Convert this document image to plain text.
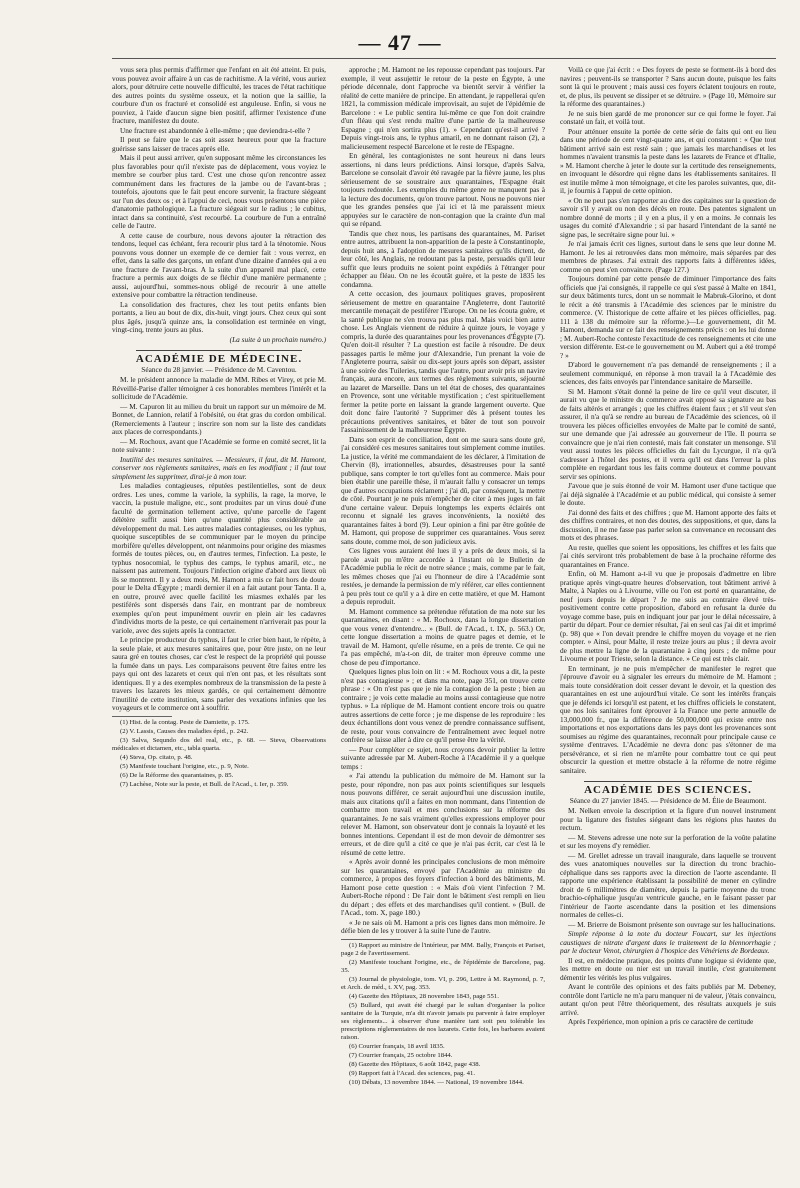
— 47 —

vous sera plus permis d'affirmer que l'enfant en ait été atteint. Et puis, vous pouvez avoir affaire à un cas de rachitisme. A la vérité, vous auriez alors, pour détruire cette nouvelle difficulté, les traces de l'état rachitique des autres points du système osseux, et la notion que la saillie, la courbure d'un os fracturé et consolidé est anguleuse. Enfin, si vous ne pouviez, à l'aide d'aucun signe bien positif, affirmer l'existence d'une fracture, manifestez du doute.

Une fracture est abandonnée à elle-même ; que deviendra-t-elle ?

Il peut se faire que le cas soit assez heureux pour que la fracture guérisse sans laisser de traces après elle.

Mais il peut aussi arriver, qu'en supposant même les circonstances les plus favorables pour qu'il n'existe pas de déplacement, vous voyiez le membre se courber plus tard. C'est une chose qu'on rencontre assez communément dans les fractures de la jambe ou de l'avant-bras ; toutefois, ajoutons que le fait peut encore survenir, la fracture siégeant sur l'un des deux os ; et à l'appui de ceci, nous vous présentons une pièce d'anatomie pathologique. La fracture siégeait sur le radius ; le cubitus, intact dans sa continuité, s'est recourbé. La courbure de l'un a entraîné celle de l'autre.

A cette cause de courbure, nous devons ajouter la rétraction des tendons, lequel cas échéant, fera recourir plus tard à la ténotomie. Nous pouvons vous donner un exemple de ce dernier fait : vous verrez, en effet, dans la salle des garçons, un enfant d'une dizaine d'années qui a eu une fracture de l'avant-bras. A la suite d'un appareil mal placé, cette fracture a permis aux doigts de se fléchir d'une manière permanente ; aussi, aujourd'hui, sommes-nous obligé de recourir à une attelle extensive pour combattre la rétraction tendineuse.

La consolidation des fractures, chez les tout petits enfants bien portants, a lieu au bout de dix, dix-huit, vingt jours. Chez ceux qui sont plus âgés, jusqu'à quinze ans, la consolidation est terminée en vingt, vingt-cinq, trente jours au plus.

(La suite à un prochain numéro.)
ACADÉMIE DE MÉDECINE.
Séance du 28 janvier. — Présidence de M. Caventou.

M. le président annonce la maladie de MM. Ribes et Virey, et prie M. Réveillé-Parise d'aller témoigner à ces honorables membres l'intérêt et la sollicitude de l'Académie.

— M. Capuron lit au milieu du bruit un rapport sur un mémoire de M. Bonnet, de Lannion, relatif à l'obésité, ou état gras du cordon ombilical. (Remerciements à l'auteur ; inscrire son nom sur la liste des candidats aux places de correspondants.)

— M. Rochoux, avant que l'Académie se forme en comité secret, lit la note suivante :

Inutilité des mesures sanitaires. — Messieurs, il faut, dit M. Hamont, conserver nos règlements sanitaires, mais en les modifiant ; il faut tout simplement les supprimer, dirai-je à mon tour.

Les maladies contagieuses, réputées pestilentielles, sont de deux ordres. Les unes, comme la variole, la syphilis, la rage, la morve, le vaccin, la pustule maligne, etc., sont produites par un virus doué d'une faculté de germination tellement active, qu'une parcelle de l'agent délétère suffit aussi bien qu'une quantité plus considérable au développement du mal. Les autres maladies contagieuses, ou les typhus, quoique susceptibles de se communiquer par le moyen du principe morbifère qu'elles développent, ont néanmoins pour origine des miasmes formés de toutes pièces, ou, en d'autres termes, l'infection. La peste, le typhus nosocomial, le typhus des camps, le typhus amaril, etc., ne naissent pas autrement. Toujours l'infection origine d'abord aux lieux où ils se montrent. Il y a deux mois, M. Hamont a mis ce fait hors de doute pour le Delta d'Égypte ; mardi dernier il en a fait autant pour Tanta. Il a, en outre, prouvé avec quelle facilité les miasmes exhalés par les pestiférés sont dispersés dans l'air, en montrant par de nombreux exemples qu'on peut impunément ouvrir en plein air les cadavres d'individus morts de la peste, ce qui certainement n'arriverait pas pour la variole, avec des sujets après la contracter.

Le principe producteur du typhus, il faut le crier bien haut, le répète, à la seule plaie, et aux mesures sanitaires que, pour être juste, on ne leur saura gré en toutes choses, car c'est le respect de la propriété qui pousse la fumée dans un pays. Les comparaisons peuvent être faites entre les pays qui ont des lazarets et ceux qui n'en ont pas, et les résultats sont identiques. Il y a des exemples nombreux de la transmission de la peste à travers les lazarets les mieux gardés, ce qui certainement démontre l'inutilité de cette institution, sans parler des vexations infinies que les voyageurs et le commerce ont à souffrir.

(1) Hist. de la contag. Peste de Damiette, p. 175.

(2) V. Lassis, Causes des maladies épid., p. 242.

(3) Salva, Sequndo dos del real, etc., p. 68. — Steva, Observations médicales et dictamen, etc., tabla quarta.

(4) Steva, Op. citato, p. 48.

(5) Manifeste touchant l'origine, etc., p. 9, Note.

(6) De la Réforme des quarantaines, p. 85.

(7) Lachèse, Note sur la peste, et Bull. de l'Acad., t. Ier, p. 359.

approche ; M. Hamont ne les repousse cependant pas toujours. Par exemple, il veut assujettir le retour de la peste en Égypte, à une période décennale, dont l'approche va bientôt servir à vérifier la réalité de cette manière de principe. En attendant, je rappellerai qu'en 1821, la commission médicale improvisait, au sujet de l'épidémie de Barcelone : « Le public sentira lui-même ce que l'on doit craindre d'un fléau qui s'est rendu maître d'une partie de la malheureuse Espagne ; qui n'en sortira plus (1). » Cependant qu'est-il arrivé ? Depuis vingt-trois ans, le typhus amaril, en ne donnant raison (2), a malicieusement respecté Barcelone et le reste de l'Espagne.

En général, les contagionistes ne sont heureux ni dans leurs assertions, ni dans leurs prédictions. Ainsi lorsque, d'après Salva, Barcelone se consolait d'avoir été ravagée par la fièvre jaune, les plus sérieusement de se soustraire aux quarantaines, l'Espagne était toujours redoutée. Les exemples du même genre ne manquent pas à la lecture des documents, qu'on trouve partout. Nous ne pouvons nier que les grandes pensées que j'ai ici et là me paraissent mieux appuyées sur le caractère de non-contagion que la crainte d'un mal qui se répand.

Tandis que chez nous, les partisans des quarantaines, M. Pariset entre autres, attribuent la non-apparition de la peste à Constantinople, depuis huit ans, à l'adoption de mesures sanitaires qu'ils dictent, de leur côté, les Anglais, ne redoutant pas la peste, persuadés qu'il leur suffit que leurs produits ne soient point expédiés à l'étranger pour échapper au fléau. On ne les écoutât guère, et la peste de 1835 les condamna.

A cette occasion, des journaux politiques graves, proposèrent sérieusement de mettre en quarantaine l'Angleterre, dont l'autorité mercantile menaçait de pestiférer l'Europe. On ne les écouta guère, et la santé publique ne s'en trouva pas plus mal. Mais voici bien autre chose. Les Anglais viennent de réduire à quinze jours, le voyage y compris, la durée des quarantaines pour les provenances d'Égypte (7). Qu'en doit-il résulter ? La question est facile à résoudre. De deux passages partis le même jour d'Alexandrie, l'un prenant la voie de l'Angleterre pourra, saisir ou dix-sept jours après son départ, assister à une soirée des Tuileries, tandis que l'autre, pour avoir pris un navire français, aura encore, aux termes des règlements suivants, séjourné au lazaret de Marseille. Dans un tel état de choses, des quarantaines en Provence, sont une véritable mystification ; c'est spirituellement fermer la petite porte en laissant la grande largement ouverte. Que doit donc faire l'autorité ? Supprimer dès à présent toutes les précautions préventives sanitaires, et bâter de tout son pouvoir l'assainissement de la malheureuse Égypte.

Dans son esprit de conciliation, dont on me saura sans doute gré, j'ai considéré ces mesures sanitaires tout simplement comme inutiles. La justice, la vérité me commandaient de les déclarer, à l'imitation de Chervin (8), irrationnelles, absurdes, désastreuses pour la santé publique, sans compter le tort qu'elles font au commerce. Mais pour bien établir une pareille thèse, il m'aurait fallu y consacrer un temps que d'autres occupations réclament ; j'ai dû, par conséquent, la mettre de côté. Pourtant je ne puis m'empêcher de citer à mes juges un fait d'une certaine valeur. Depuis longtemps les experts éclairés ont reconnu et signalé les graves inconvénients, la noxiété des quarantaines faites à bord (9). Leur opinion a fini par être goûtée de M. Hamont, qui propose de supprimer ces quarantaines. Vous serez sans doute, comme moi, de son judicieux avis.

Ces lignes vous auraient été lues il y a près de deux mois, si la parole avait pu m'être accordée à l'instant où le Bulletin de l'Académie publia le récit de notre séance ; mais, comme par le fait, les mêmes choses que j'ai eu l'honneur de dire à l'Académie sont restées, je demande la permission de m'y référer, car elles contiennent à peu près tout ce qu'il y a à dire en cette matière, et que M. Hamont a depuis reproduit.

M. Hamont commence sa prétendue réfutation de ma note sur les quarantaines, en disant : « M. Rochoux, dans la longue dissertation que vous venez d'entendre... » (Bull. de l'Acad., t. IX, p. 563.) Or, cette longue dissertation a moins de quatre pages et demie, et le travail de M. Hamont, qu'elle résume, en a près de trente. Ce qui ne l'a pas empêché, m'a-t-on dit, de traiter mon épreuve comme une chose de peu d'importance.

Quelques lignes plus loin on lit : « M. Rochoux vous a dit, la peste n'est pas contagieuse » ; et dans ma note, page 351, on trouve cette phrase : « On n'est pas que je nie la contagion de la peste ; bien au contraire ; je vois cette maladie au moins aussi contagieuse que notre typhus. » La réplique de M. Hamont contient encore trois ou quatre autres assertions de cette force ; je me dispense de les reproduire : les deux échantillons dont vous venez de prendre connaissance suffisent, de reste, pour vous convaincre de l'entraînement avec lequel notre confrère se laisse aller à dire ce qu'il pense être la vérité.

— Pour compléter ce sujet, nous croyons devoir publier la lettre suivante adressée par M. Aubert-Roche à l'Académie il y a quelque temps :

« J'ai attendu la publication du mémoire de M. Hamont sur la peste, pour répondre, non pas aux points scientifiques sur lesquels nous pouvons différer, ce serait aujourd'hui une discussion inutile, mais aux citations qu'il a faites en mon nommant, dans l'intention de combattre mon travail et mes conclusions sur la réforme des quarantaines. Je ne sais vraiment qu'elles expressions employer pour relever M. Hamont, son observateur dont je connais la loyauté et les bonnes intentions. Cependant il est de mon devoir de démontrer ses erreurs, et de dire qu'il a cité ce que je n'ai pas écrit, car c'est là le résumé de cette lettre.

« Après avoir donné les principales conclusions de mon mémoire sur les quarantaines, envoyé par l'Académie au ministre du commerce, à propos des foyers d'infection à bord des bâtiments, M. Hamont pose cette question : « Mais d'où vient l'infection ? M. Aubert-Roche répond : De l'air dont le bâtiment s'est rempli en lieu du départ ; des effets et des marchandises qu'il contient. » (Bull. de l'Acad., tom. X, page 180.)

« Je ne sais où M. Hamont a pris ces lignes dans mon mémoire. Je défie bien de les y trouver à la suite l'une de l'autre.

(1) Rapport au ministre de l'intérieur, par MM. Bally, François et Pariset, page 2 de l'avertissement.

(2) Manifeste touchant l'origine, etc., de l'épidémie de Barcelone, pag. 35.

(3) Journal de physiologie, tom. VI, p. 296, Lettre à M. Raymond, p. 7, et Arch. de méd., t. XV, pag. 353.

(4) Gazette des Hôpitaux, 28 novembre 1843, page 551.

(5) Bullard, qui avait été chargé par le sultan d'organiser la police sanitaire de la Turquie, m'a dit n'avoir jamais pu parvenir à faire employer ses règlements... à observer d'une manière tant soit peu tolérable les prescriptions réglementaires de nos lazarets. Cette fois, les barbares avaient raison.

(6) Courrier français, 18 avril 1835.

(7) Courrier français, 25 octobre 1844.

(8) Gazette des Hôpitaux, 6 août 1842, page 438.

(9) Rapport fait à l'Acad. des sciences, pag. 41.

(10) Débats, 13 novembre 1844. — National, 19 novembre 1844.

Voilà ce que j'ai écrit : « Des foyers de peste se forment-ils à bord des navires ; peuvent-ils se transporter ? Sans aucun doute, puisque les faits sont là qui le prouvent ; mais aussi ces foyers éclatent toujours en route, et, de plus, ils peuvent se dissiper et se détruire. » (Page 10, Mémoire sur la réforme des quarantaines.)

Je ne suis bien gardé de me prononcer sur ce qui forme le foyer. J'ai constaté un fait, et voilà tout.

Pour atténuer ensuite la portée de cette série de faits qui ont eu lieu dans une période de cent vingt-quatre ans, et qui constatent : « Que tout bâtiment arrivé sain est resté sain ; que jamais les marchandises et les hommes n'avaient transmis la peste dans les lazarets de France et d'Italie, » M. Hamont cherche à jeter le doute sur la certitude des renseignements, en invoquant le désordre qui règne dans les établissements sanitaires. Il est inutile même à mon témoignage, et cite les paroles suivantes, que, dit-il, je fournis à l'appui de cette opinion.

« On ne peut pas s'en rapporter au dire des capitaines sur la question de savoir s'il y avait ou non des décès en route. Des patentes signalent un nombre donné de morts ; il y en a plus, il y en a moins. Je connais les usages du comité d'Alexandrie ; si par hasard l'intendant de la santé ne signe pas, le secrétaire signe pour lui. »

Je n'ai jamais écrit ces lignes, surtout dans le sens que leur donne M. Hamont. Je les ai retrouvées dans mon mémoire, mais séparées par des membres de phrases. J'ai extrait des rapports faits à différentes idées, comme on peut s'en convaincre. (Page 127.)

Toujours dominé par cette pensée de diminuer l'importance des faits officiels que j'ai consignés, il rappelle ce qui s'est passé à Malte en 1841, sur deux bâtiments turcs, dont un se nommait le Mabruk-Glorino, et dont le récit a été transmis à l'Académie des sciences par le ministre du commerce. (V. l'historique de cette affaire et les pièces officielles, pag. 111 à 138 du mémoire sur la réforme.)—Le gouvernement, dit M. Hamont, demanda sur ce fait des renseignements précis : on les lui donne ; M. Aubert-Roche conteste l'exactitude de ces renseignements et cite une version différente. Est-ce le gouvernement ou M. Aubert qui a été trompé ? »

D'abord le gouvernement n'a pas demandé de renseignements ; il a seulement communiqué, en réponse à mon travail la à l'Académie des sciences, des faits envoyés par l'intendance sanitaire de Marseille.

Si M. Hamont s'était donné la peine de lire ce qu'il veut discuter, il aurait vu que le ministre du commerce avait opposé sa signature au bas de faits altérés et arrangés ; que les chiffres étaient faux ; et s'il veut s'en assurer, il n'a qu'à se rendre au bureau de l'Académie des sciences, où il trouvera les pièces officielles envoyées de Malte par le comité de santé, sur une demande que j'ai adressée au gouverneur de l'île. Il pourra se convaincre que je n'ai rien contesté, mais fait constater un mensonge. S'il veut aussi toutes les pièces officielles du fait du Lycurgue, il n'a qu'à s'adresser à l'hôtel des postes, et il verra qu'il est dans l'erreur la plus complète en regardant tous les faits comme douteux et comme pouvant servir ses opinions.

J'avoue que je suis étonné de voir M. Hamont user d'une tactique que j'ai déjà signalée à l'Académie et au public médical, qui consiste à semer le doute.

J'ai donné des faits et des chiffres ; que M. Hamont apporte des faits et des chiffres contraires, et non des doutes, des suppositions, et que, dans la discussion, il ne me fasse pas parler selon sa convenance en recousant des mots et des phrases.

Au reste, quelles que soient les oppositions, les chiffres et les faits que j'ai cités serviront très probablement de base à la prochaine réforme des quarantaines en France.

Enfin, où M. Hamont a-t-il vu que je proposais d'admettre en libre pratique après vingt-quatre heures d'observation, tout bâtiment arrivé à Malte, à Naples ou à Livourne, ville ou l'on est porté en quarantaine, de neuf jours depuis le départ ? Je me suis au contraire élevé très-positivement contre cette proposition, d'abord en refusant la durée du voyage comme base, puis en indiquant jour par jour le délai nécessaire, à partir du départ. Pour ce dernier résultat, j'ai en seul cas j'ai dit et imprimé (p. 98) que « l'on devait prendre le chiffre moyen du voyage et ne rien compter. » Ainsi, pour Malte, il reste treize jours au plus ; il devra avoir de plus mettre la ligne de la quarantaine à cinq jours ; de même pour Livourne et pour Trieste, selon la distance. » Ce qui est très clair.

En terminant, je ne puis m'empêcher de manifester le regret que j'éprouve d'avoir eu à signaler les erreurs du mémoire de M. Hamont ; mais toute considération doit cesser devant le devoir, et la question des quarantaines en est une aujourd'hui vitale. Ce sont les intérêts français que je défends ici lorsqu'il est patent, et les chiffres officiels le constatent, que nos lois sanitaires font éprouver à la France une perte annuelle de 13,000,000 fr., que la différence de 50,000,000 qui existe entre nos importations et nos exportations dans les pays dont les provenances sont soumises au régime des quarantaines, reconnaît pour principale cause ce système d'entraves. L'Académie ne devra donc pas s'étonner de ma persévérance, et si rien ne m'arrête pour combattre tout ce qui peut obscurcir la question et mettre obstacle à la réforme de notre régime sanitaire.

ACADÉMIE DES SCIENCES.
Séance du 27 janvier 1845. — Présidence de M. Élie de Beaumont.

M. Nelken envoie la description et la figure d'un nouvel instrument pour la ligature des fistules siégeant dans les régions plus hautes du rectum.

— M. Stevens adresse une note sur la perforation de la voûte palatine et sur les moyens d'y remédier.

— M. Grellet adresse un travail inaugurale, dans laquelle se trouvent des vues anatomiques nouvelles sur la direction du tronc brachio-céphalique dans ses rapports avec la direction de l'aorte ascendante. Il rapporte une expérience établissant la possibilité de mener en cylindre droit de 6 millimètres de diamètre, depuis la partie moyenne du tronc brachio-céphalique jusqu'au ventricule gauche, en le faisant passer par l'intérieur de l'aorte ascendante dans la position et les dimensions normales de celles-ci.

— M. Brierre de Boismont présente son ouvrage sur les hallucinations.

Simple réponse à la note du docteur Foucart, sur les injections caustiques de nitrate d'argent dans le traitement de la blennorrhagie ; par le docteur Venot, chirurgien à l'hospice des Vénériens de Bordeaux.

Il est, en médecine pratique, des points d'une logique si évidente que, les mettre en doute ou nier est un travail inutile, c'est gratuitement démentir les vérités les plus vulgaires.

Avant le contrôle des opinions et des faits publiés par M. Debeney, contrôle dont l'article ne m'a paru manquer ni de valeur, j'étais convaincu, autant qu'on peut l'être théoriquement, des résultats auxquels je suis arrivé.

Après l'expérience, mon opinion a pris ce caractère de certitude
